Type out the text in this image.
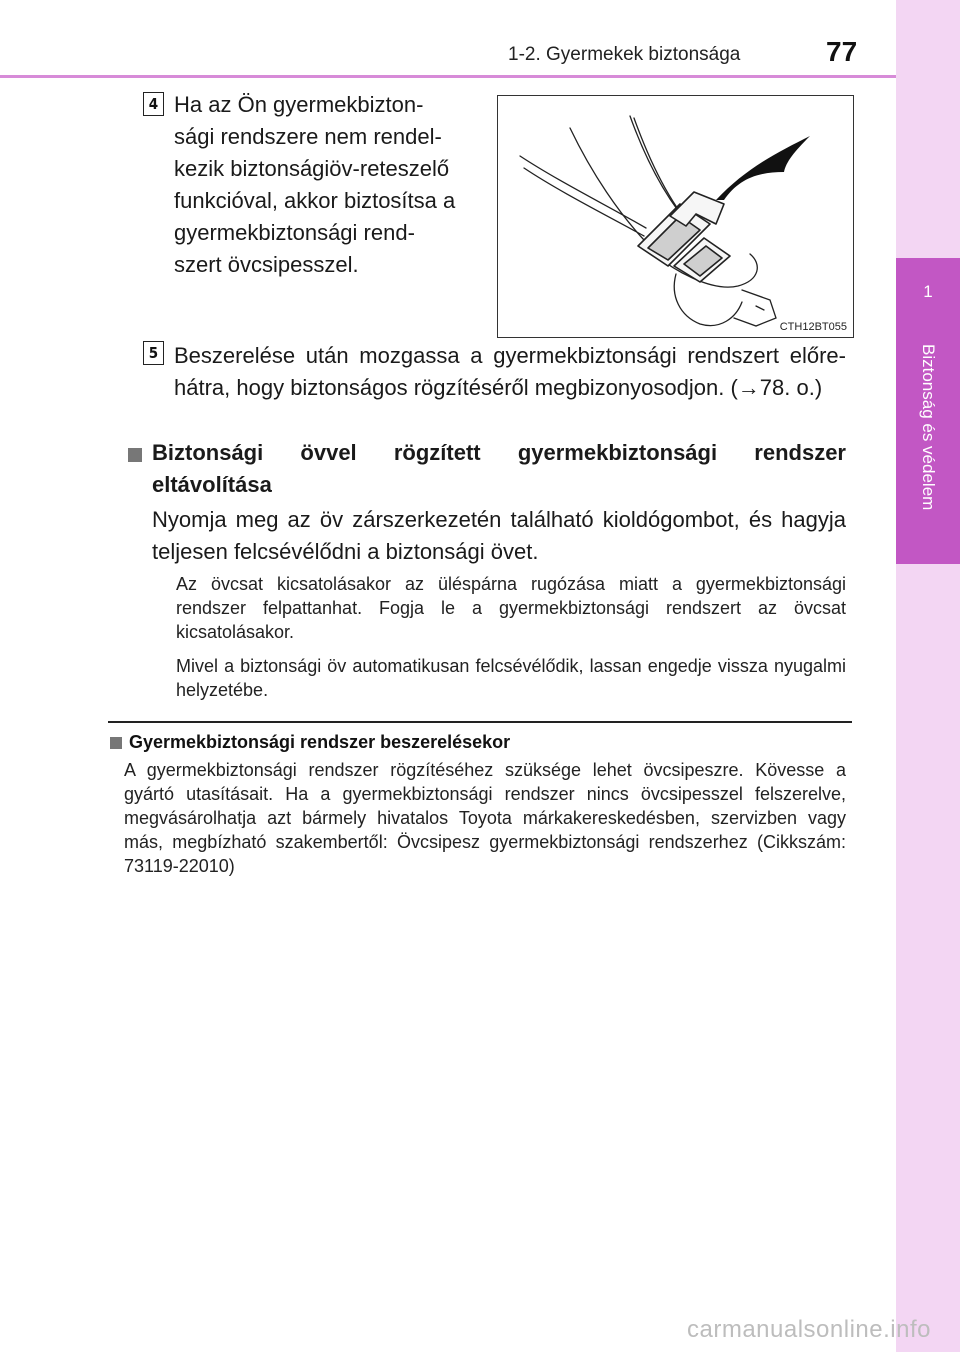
1-2. Gyermekek biztonsága	77
1
Biztonság és védelem
4 Ha az Ön gyermekbizton-
sági rendszere nem rendel-
kezik biztonságiöv-reteszelő
funkcióval, akkor biztosítsa a
gyermekbiztonsági rend-
szert övcsipesszel.
CTH12BT055
5 Beszerelése után mozgassa a gyermekbiztonsági rendszert előre-hátra, hogy biztonságos rögzítéséről megbizonyosodjon. (→78. o.)
Biztonsági övvel rögzített gyermekbiztonsági rendszer eltávolítása
Nyomja meg az öv zárszerkezetén található kioldógombot, és hagyja teljesen felcsévélődni a biztonsági övet.
Az övcsat kicsatolásakor az üléspárna rugózása miatt a gyermekbiztonsági rendszer felpattanhat. Fogja le a gyermekbiztonsági rendszert az övcsat kicsatolásakor.
Mivel a biztonsági öv automatikusan felcsévélődik, lassan engedje vissza nyugalmi helyzetébe.
Gyermekbiztonsági rendszer beszerelésekor
A gyermekbiztonsági rendszer rögzítéséhez szüksége lehet övcsipeszre. Kövesse a gyártó utasításait. Ha a gyermekbiztonsági rendszer nincs övcsipesszel felszerelve, megvásárolhatja azt bármely hivatalos Toyota márkakereskedésben, szervizben vagy más, megbízható szakembertől: Övcsipesz gyermekbiztonsági rendszerhez (Cikkszám: 73119-22010)
carmanualsonline.info
